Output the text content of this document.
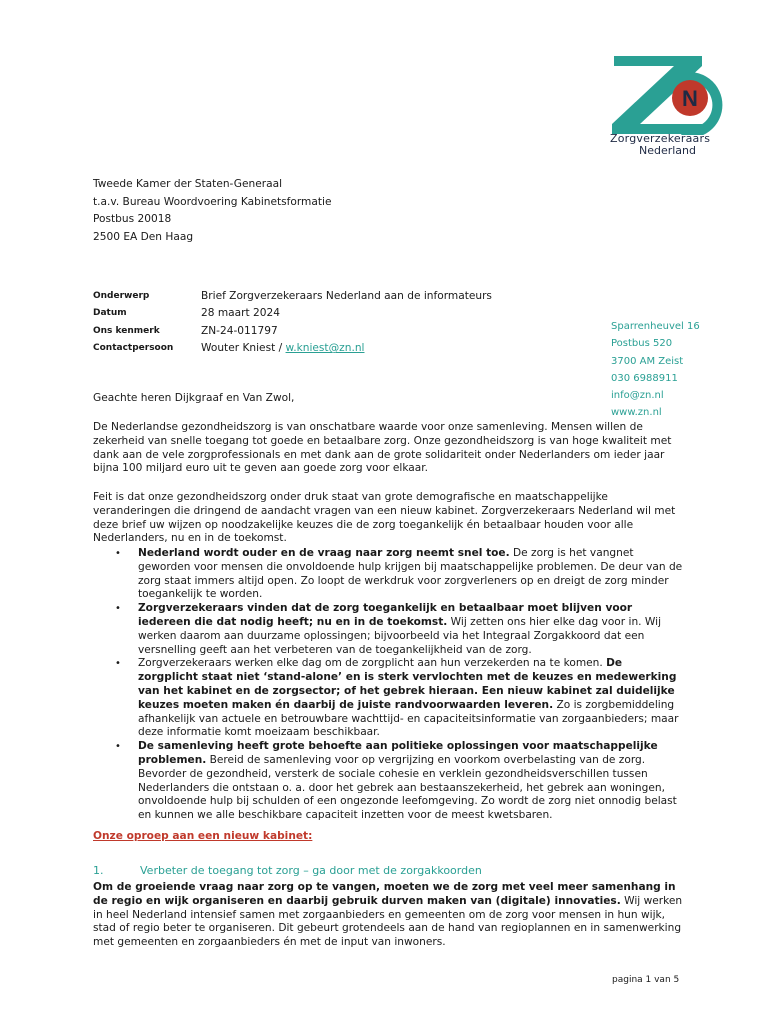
N
Zorgverzekeraars
Nederland
Tweede Kamer der Staten-Generaal
t.a.v. Bureau Woordvoering Kabinetsformatie
Postbus 20018
2500 EA Den Haag
Onderwerp	Brief Zorgverzekeraars Nederland aan de informateurs
Datum	28 maart 2024
Ons kenmerk	ZN-24-011797
Contactpersoon	Wouter Kniest / w.kniest@zn.nl
Sparrenheuvel 16
Postbus 520
3700 AM Zeist
030 6988911
info@zn.nl
www.zn.nl
Geachte heren Dijkgraaf en Van Zwol,
De Nederlandse gezondheidszorg is van onschatbare waarde voor onze samenleving. Mensen willen de zekerheid van snelle toegang tot goede en betaalbare zorg. Onze gezondheidszorg is van hoge kwaliteit met dank aan de vele zorgprofessionals en met dank aan de grote solidariteit onder Nederlanders om ieder jaar bijna 100 miljard euro uit te geven aan goede zorg voor elkaar.
Feit is dat onze gezondheidszorg onder druk staat van grote demografische en maatschappelijke veranderingen die dringend de aandacht vragen van een nieuw kabinet. Zorgverzekeraars Nederland wil met deze brief uw wijzen op noodzakelijke keuzes die de zorg toegankelijk én betaalbaar houden voor alle Nederlanders, nu en in de toekomst.
• Nederland wordt ouder en de vraag naar zorg neemt snel toe. De zorg is het vangnet geworden voor mensen die onvoldoende hulp krijgen bij maatschappelijke problemen. De deur van de zorg staat immers altijd open. Zo loopt de werkdruk voor zorgverleners op en dreigt de zorg minder toegankelijk te worden.
• Zorgverzekeraars vinden dat de zorg toegankelijk en betaalbaar moet blijven voor iedereen die dat nodig heeft; nu en in de toekomst. Wij zetten ons hier elke dag voor in. Wij werken daarom aan duurzame oplossingen; bijvoorbeeld via het Integraal Zorgakkoord dat een versnelling geeft aan het verbeteren van de toegankelijkheid van de zorg.
• Zorgverzekeraars werken elke dag om de zorgplicht aan hun verzekerden na te komen. De zorgplicht staat niet ‘stand-alone’ en is sterk vervlochten met de keuzes en medewerking van het kabinet en de zorgsector; of het gebrek hieraan. Een nieuw kabinet zal duidelijke keuzes moeten maken én daarbij de juiste randvoorwaarden leveren. Zo is zorgbemiddeling afhankelijk van actuele en betrouwbare wachttijd- en capaciteitsinformatie van zorgaanbieders; maar deze informatie komt moeizaam beschikbaar.
• De samenleving heeft grote behoefte aan politieke oplossingen voor maatschappelijke problemen. Bereid de samenleving voor op vergrijzing en voorkom overbelasting van de zorg. Bevorder de gezondheid, versterk de sociale cohesie en verklein gezondheidsverschillen tussen Nederlanders die ontstaan o. a. door het gebrek aan bestaanszekerheid, het gebrek aan woningen, onvoldoende hulp bij schulden of een ongezonde leefomgeving. Zo wordt de zorg niet onnodig belast en kunnen we alle beschikbare capaciteit inzetten voor de meest kwetsbaren.
Onze oproep aan een nieuw kabinet:
1.	Verbeter de toegang tot zorg – ga door met de zorgakkoorden
Om de groeiende vraag naar zorg op te vangen, moeten we de zorg met veel meer samenhang in de regio en wijk organiseren en daarbij gebruik durven maken van (digitale) innovaties. Wij werken in heel Nederland intensief samen met zorgaanbieders en gemeenten om de zorg voor mensen in hun wijk, stad of regio beter te organiseren. Dit gebeurt grotendeels aan de hand van regioplannen en in samenwerking met gemeenten en zorgaanbieders én met de input van inwoners.
pagina 1 van 5
